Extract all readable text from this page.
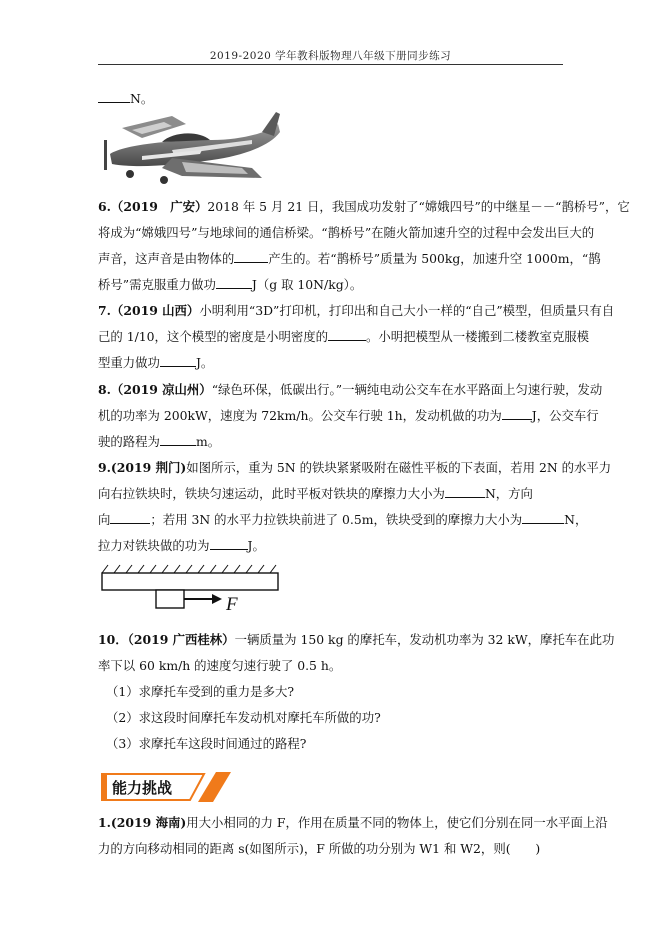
2019-2020 学年教科版物理八年级下册同步练习
N。
6.（2019　广安）2018 年 5 月 21 日，我国成功发射了“嫦娥四号”的中继星－－“鹊桥号”，它
将成为“嫦娥四号”与地球间的通信桥梁。“鹊桥号”在随火箭加速升空的过程中会发出巨大的
声音，这声音是由物体的	产生的。若“鹊桥号”质量为 500kg，加速升空 1000m，“鹊
桥号”需克服重力做功	J（g 取 10N/kg）。
7.（2019 山西）小明利用“3D”打印机，打印出和自己大小一样的“自己”模型，但质量只有自
己的 1/10，这个模型的密度是小明密度的	。小明把模型从一楼搬到二楼教室克服模
型重力做功	J。
8.（2019 凉山州）“绿色环保，低碳出行。”一辆纯电动公交车在水平路面上匀速行驶，发动
机的功率为 200kW，速度为 72km/h。公交车行驶 1h，发动机做的功为 J，公交车行
驶的路程为	m。
9.(2019 荆门)如图所示，重为 5N 的铁块紧紧吸附在磁性平板的下表面，若用 2N 的水平力
向右拉铁块时，铁块匀速运动，此时平板对铁块的摩擦力大小为	N，方向
向	；若用 3N 的水平力拉铁块前进了 0.5m，铁块受到的摩擦力大小为	N，
拉力对铁块做的功为	J。
F
10．（2019 广西桂林）一辆质量为 150 kg 的摩托车，发动机功率为 32 kW，摩托车在此功
率下以 60 km/h 的速度匀速行驶了 0.5 h。
（1）求摩托车受到的重力是多大?
（2）求这段时间摩托车发动机对摩托车所做的功?
（3）求摩托车这段时间通过的路程?
能力挑战
1.(2019 海南)用大小相同的力 F，作用在质量不同的物体上，使它们分别在同一水平面上沿
力的方向移动相同的距离 s(如图所示)，F 所做的功分别为 W1 和 W2，则(　　)
